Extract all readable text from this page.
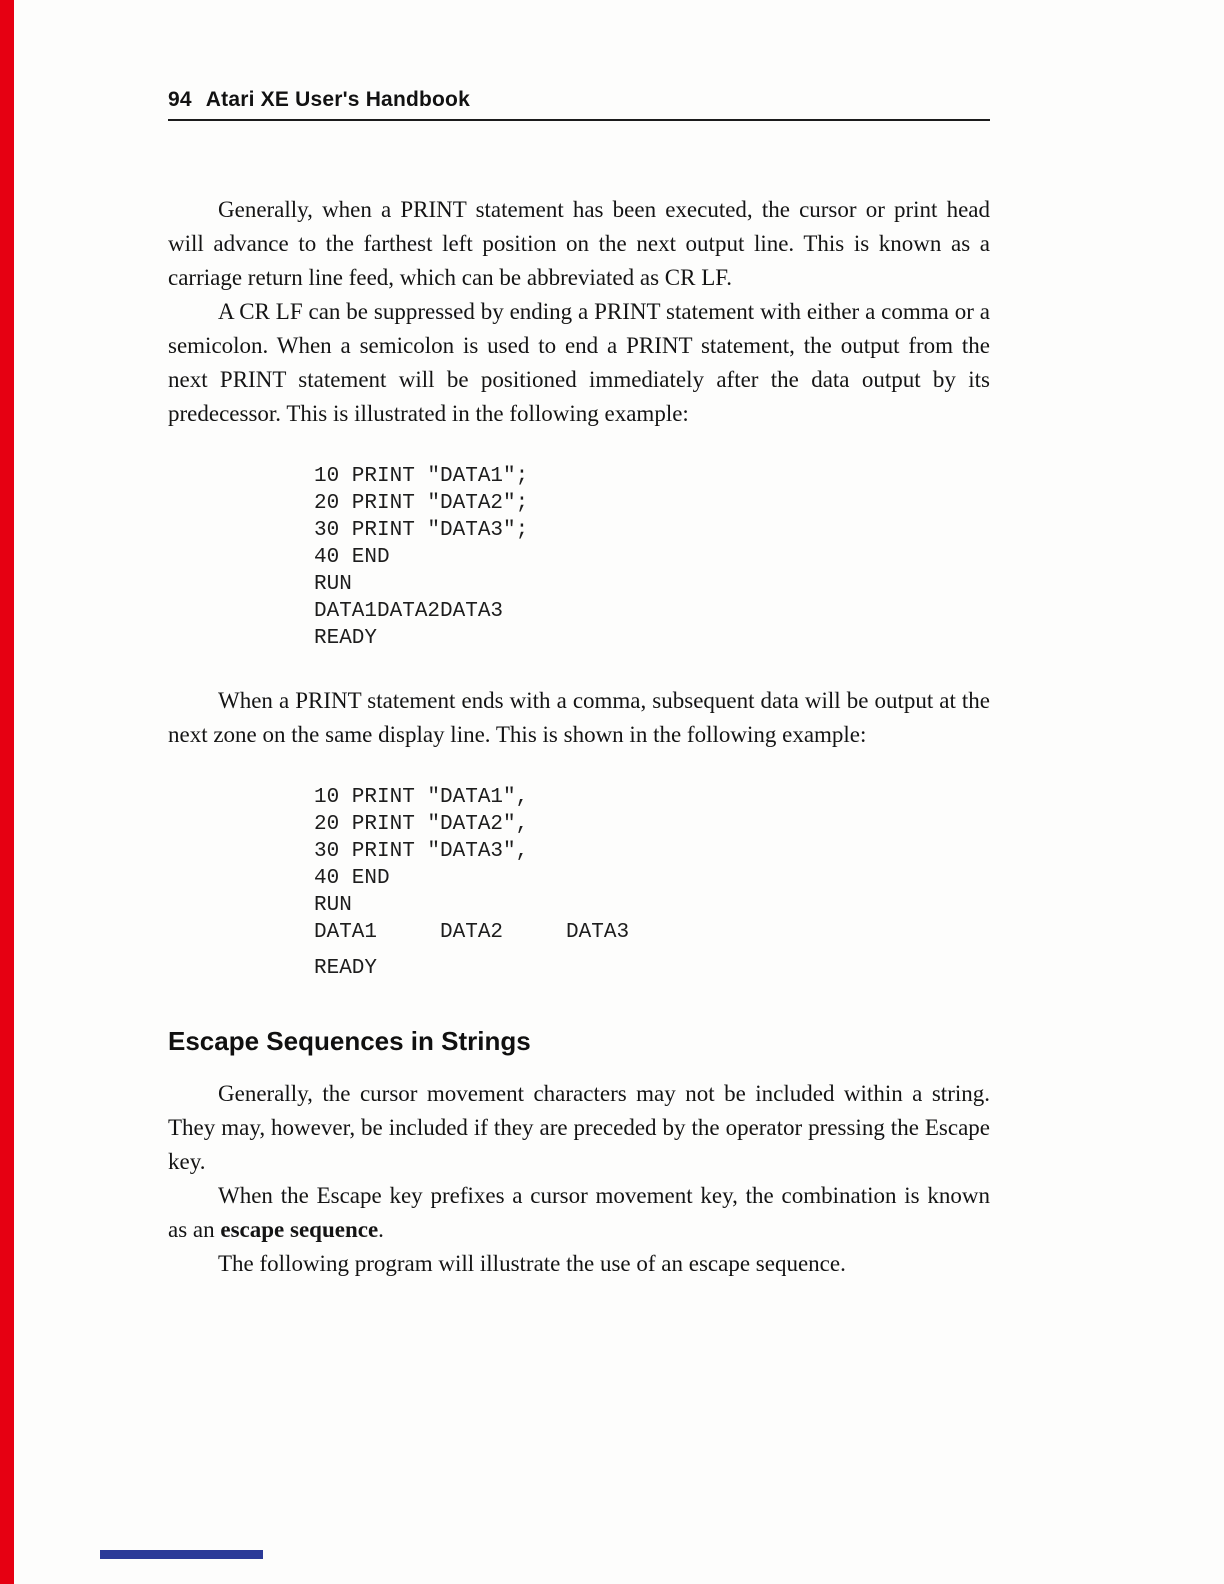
94 Atari XE User's Handbook

Generally, when a PRINT statement has been executed, the cursor or print head will advance to the farthest left position on the next output line. This is known as a carriage return line feed, which can be abbreviated as CR LF.

A CR LF can be suppressed by ending a PRINT statement with either a comma or a semicolon. When a semicolon is used to end a PRINT statement, the output from the next PRINT statement will be positioned immediately after the data output by its predecessor. This is illustrated in the following example:

10 PRINT "DATA1";
20 PRINT "DATA2";
30 PRINT "DATA3";
40 END
RUN
DATA1DATA2DATA3
READY

When a PRINT statement ends with a comma, subsequent data will be output at the next zone on the same display line. This is shown in the following example:

10 PRINT "DATA1",
20 PRINT "DATA2",
30 PRINT "DATA3",
40 END
RUN
DATA1     DATA2     DATA3
READY
Escape Sequences in Strings

Generally, the cursor movement characters may not be included within a string. They may, however, be included if they are preceded by the operator pressing the Escape key.

When the Escape key prefixes a cursor movement key, the combination is known as an escape sequence.

The following program will illustrate the use of an escape sequence.
